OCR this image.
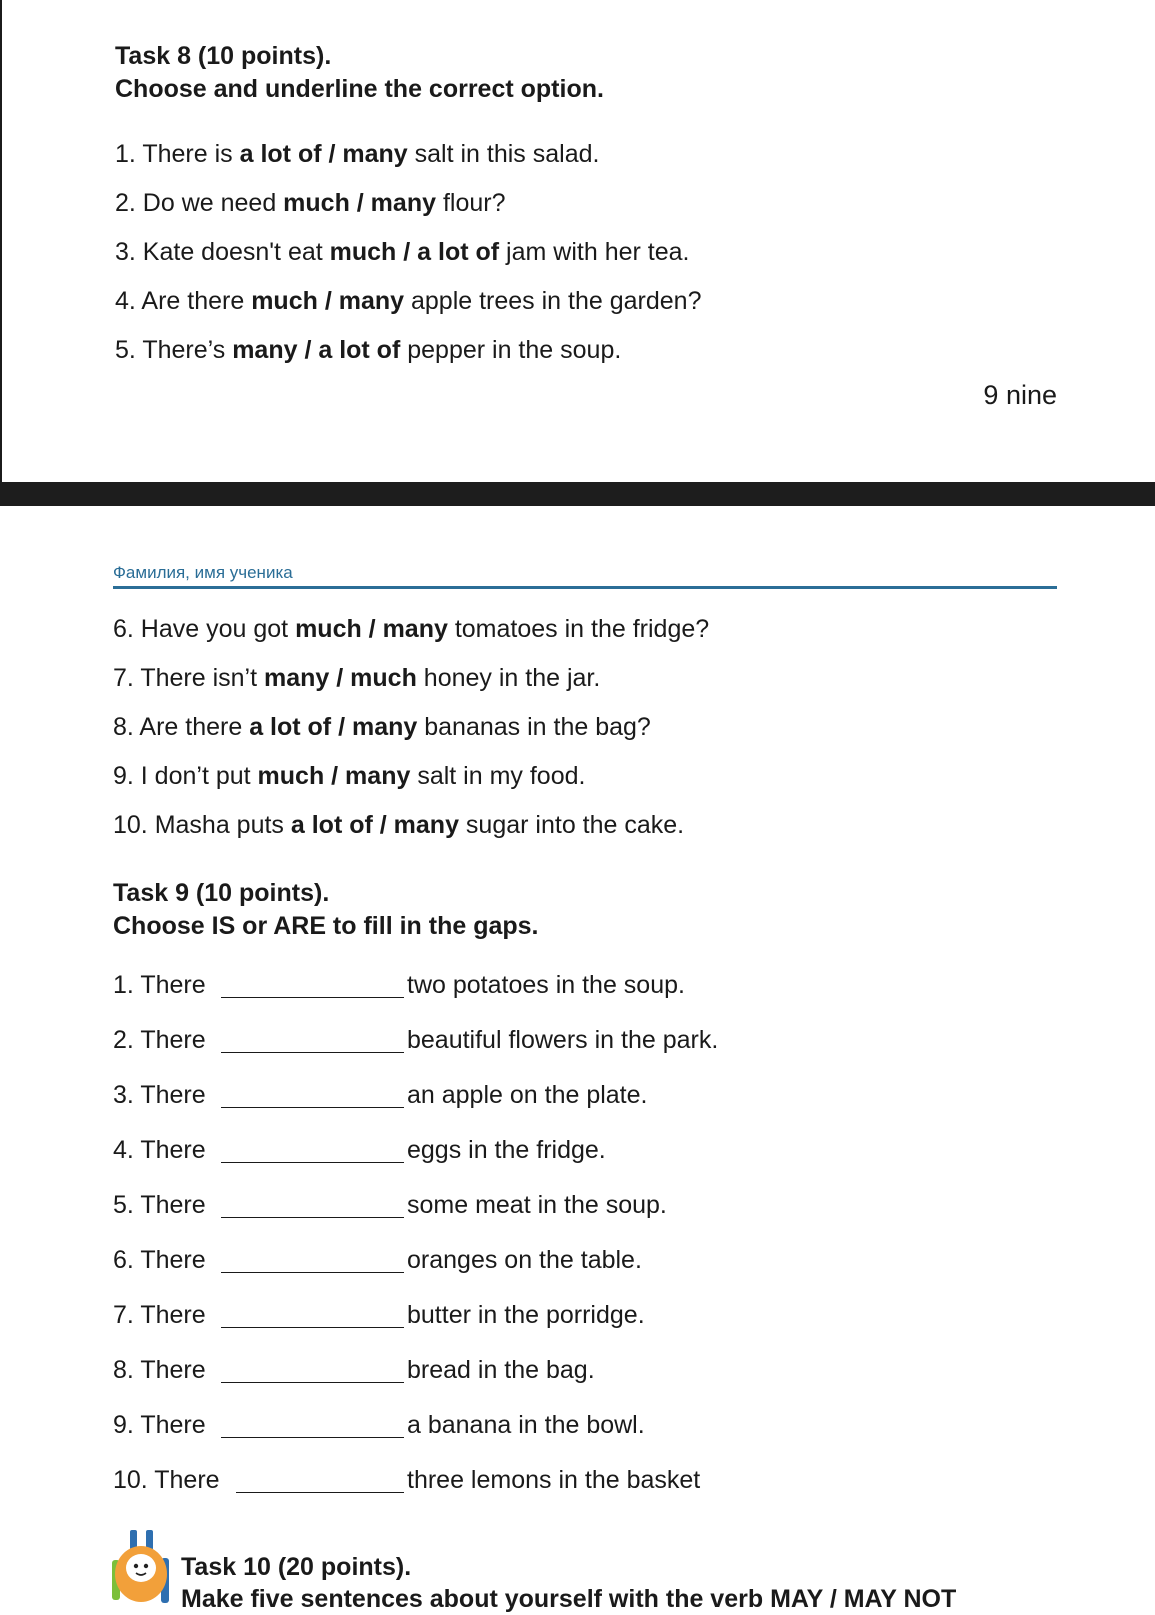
Task 8 (10 points).
Choose and underline the correct option.
1. There is a lot of / many salt in this salad.
2. Do we need much / many flour?
3. Kate doesn't eat much / a lot of jam with her tea.
4. Are there much / many apple trees in the garden?
5. There’s many / a lot of pepper in the soup.
9 nine
Фамилия, имя ученика
6. Have you got much / many tomatoes in the fridge?
7. There isn’t many / much honey in the jar.
8. Are there a lot of / many bananas in the bag?
9. I don’t put much / many salt in my food.
10. Masha puts a lot of / many sugar into the cake.
Task 9 (10 points).
Choose IS or ARE to fill in the gaps.
1. There	two potatoes in the soup.
2. There	beautiful flowers in the park.
3. There	an apple on the plate.
4. There	eggs in the fridge.
5. There	some meat in the soup.
6. There	oranges on the table.
7. There	butter in the porridge.
8. There	bread in the bag.
9. There	a banana in the bowl.
10. There	three lemons in the basket
Task 10 (20 points).
Make five sentences about yourself with the verb MAY / MAY NOT
